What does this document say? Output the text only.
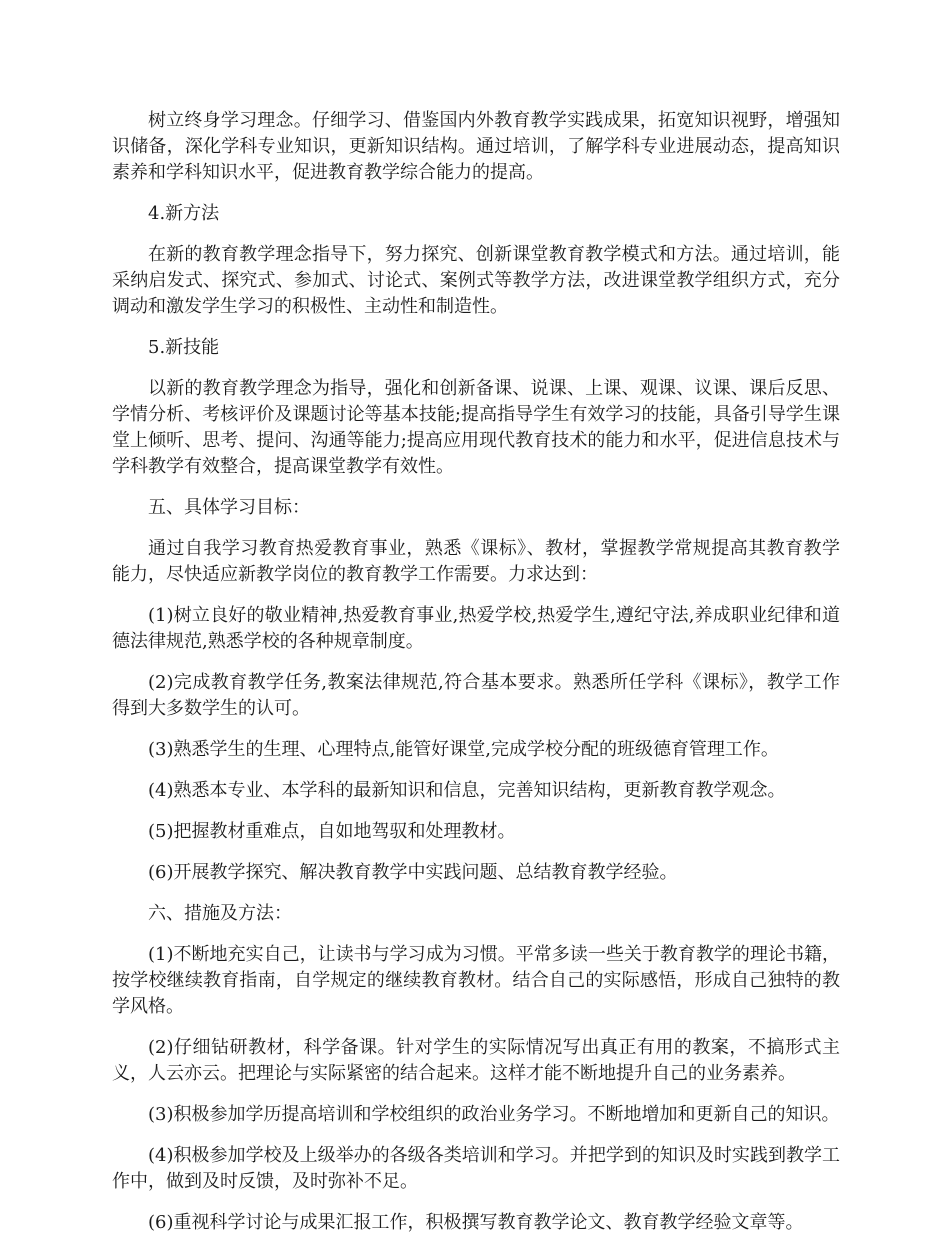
树立终身学习理念。仔细学习、借鉴国内外教育教学实践成果，拓宽知识视野，增强知识储备，深化学科专业知识，更新知识结构。通过培训，了解学科专业进展动态，提高知识素养和学科知识水平，促进教育教学综合能力的提高。

4.新方法

在新的教育教学理念指导下，努力探究、创新课堂教育教学模式和方法。通过培训，能采纳启发式、探究式、参加式、讨论式、案例式等教学方法，改进课堂教学组织方式，充分调动和激发学生学习的积极性、主动性和制造性。

5.新技能

以新的教育教学理念为指导，强化和创新备课、说课、上课、观课、议课、课后反思、学情分析、考核评价及课题讨论等基本技能;提高指导学生有效学习的技能，具备引导学生课堂上倾听、思考、提问、沟通等能力;提高应用现代教育技术的能力和水平，促进信息技术与学科教学有效整合，提高课堂教学有效性。

五、具体学习目标：

通过自我学习教育热爱教育事业，熟悉《课标》、教材，掌握教学常规提高其教育教学能力，尽快适应新教学岗位的教育教学工作需要。力求达到：

(1)树立良好的敬业精神,热爱教育事业,热爱学校,热爱学生,遵纪守法,养成职业纪律和道德法律规范,熟悉学校的各种规章制度。

(2)完成教育教学任务,教案法律规范,符合基本要求。熟悉所任学科《课标》，教学工作得到大多数学生的认可。

(3)熟悉学生的生理、心理特点,能管好课堂,完成学校分配的班级德育管理工作。

(4)熟悉本专业、本学科的最新知识和信息，完善知识结构，更新教育教学观念。

(5)把握教材重难点，自如地驾驭和处理教材。

(6)开展教学探究、解决教育教学中实践问题、总结教育教学经验。

六、措施及方法：

(1)不断地充实自己，让读书与学习成为习惯。平常多读一些关于教育教学的理论书籍，按学校继续教育指南，自学规定的继续教育教材。结合自己的实际感悟，形成自己独特的教学风格。

(2)仔细钻研教材，科学备课。针对学生的实际情况写出真正有用的教案，不搞形式主义，人云亦云。把理论与实际紧密的结合起来。这样才能不断地提升自己的业务素养。

(3)积极参加学历提高培训和学校组织的政治业务学习。不断地增加和更新自己的知识。

(4)积极参加学校及上级举办的各级各类培训和学习。并把学到的知识及时实践到教学工作中，做到及时反馈，及时弥补不足。

(6)重视科学讨论与成果汇报工作，积极撰写教育教学论文、教育教学经验文章等。
